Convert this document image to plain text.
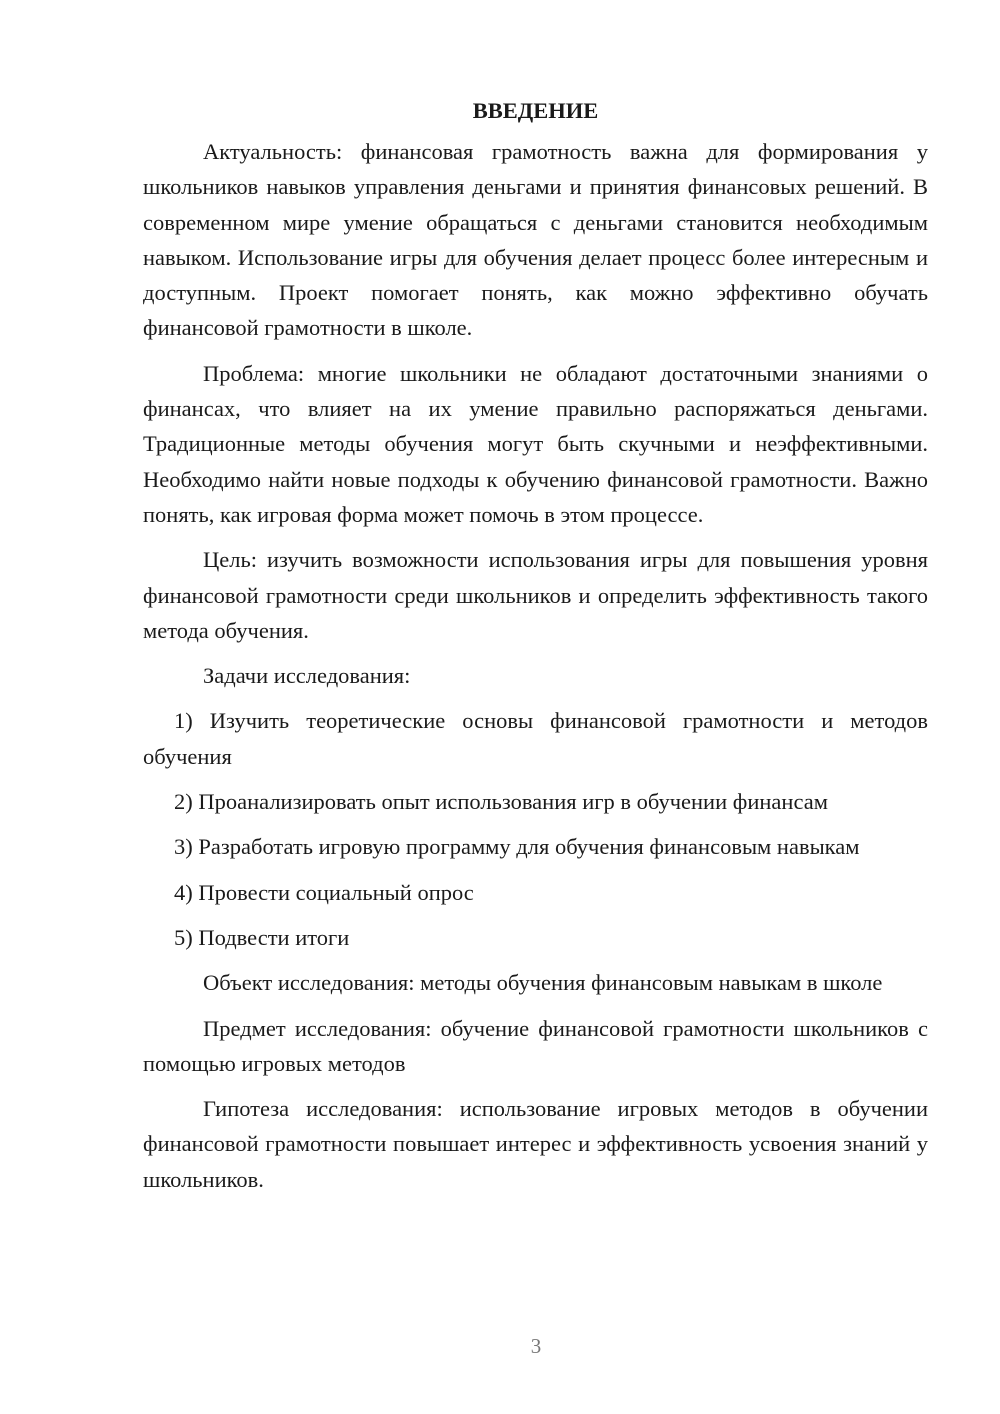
ВВЕДЕНИЕ

Актуальность: финансовая грамотность важна для формирования у школьников навыков управления деньгами и принятия финансовых решений. В современном мире умение обращаться с деньгами становится необходимым навыком. Использование игры для обучения делает процесс более интересным и доступным. Проект помогает понять, как можно эффективно обучать финансовой грамотности в школе.

Проблема: многие школьники не обладают достаточными знаниями о финансах, что влияет на их умение правильно распоряжаться деньгами. Традиционные методы обучения могут быть скучными и неэффективными. Необходимо найти новые подходы к обучению финансовой грамотности. Важно понять, как игровая форма может помочь в этом процессе.

Цель: изучить возможности использования игры для повышения уровня финансовой грамотности среди школьников и определить эффективность такого метода обучения.

Задачи исследования:

1) Изучить теоретические основы финансовой грамотности и методов обучения

2) Проанализировать опыт использования игр в обучении финансам

3) Разработать игровую программу для обучения финансовым навыкам

4) Провести социальный опрос

5) Подвести итоги

Объект исследования: методы обучения финансовым навыкам в школе

Предмет исследования: обучение финансовой грамотности школьников с помощью игровых методов

Гипотеза исследования: использование игровых методов в обучении финансовой грамотности повышает интерес и эффективность усвоения знаний у школьников.

3
